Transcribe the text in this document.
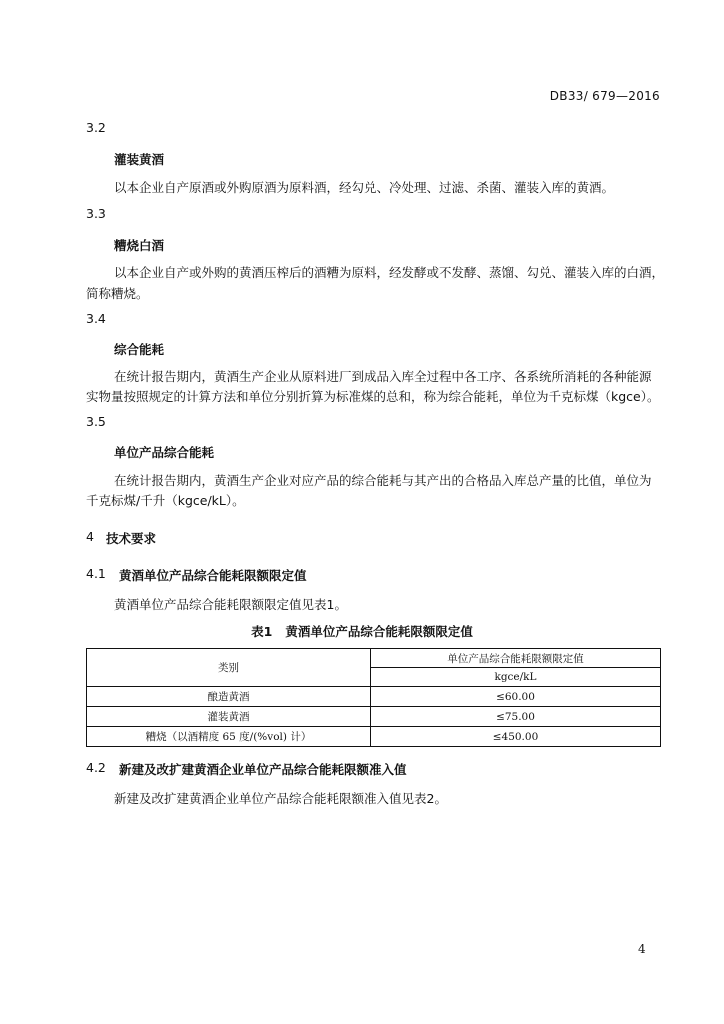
DB33/ 679—2016
3.2
灌装黄酒
以本企业自产原酒或外购原酒为原料酒，经勾兑、冷处理、过滤、杀菌、灌装入库的黄酒。
3.3
糟烧白酒
以本企业自产或外购的黄酒压榨后的酒糟为原料，经发酵或不发酵、蒸馏、勾兑、灌装入库的白酒，
简称糟烧。
3.4
综合能耗
在统计报告期内，黄酒生产企业从原料进厂到成品入库全过程中各工序、各系统所消耗的各种能源
实物量按照规定的计算方法和单位分别折算为标准煤的总和，称为综合能耗，单位为千克标煤（kgce）。
3.5
单位产品综合能耗
在统计报告期内，黄酒生产企业对应产品的综合能耗与其产出的合格品入库总产量的比值，单位为
千克标煤/千升（kgce/kL）。
4 技术要求
4.1 黄酒单位产品综合能耗限额限定值
黄酒单位产品综合能耗限额限定值见表1。
表1 黄酒单位产品综合能耗限额限定值
类别	单位产品综合能耗限额限定值
	kgce/kL
酿造黄酒	≤60.00
灌装黄酒	≤75.00
糟烧（以酒精度 65 度/(%vol) 计）	≤450.00
4.2 新建及改扩建黄酒企业单位产品综合能耗限额准入值
新建及改扩建黄酒企业单位产品综合能耗限额准入值见表2。
4
